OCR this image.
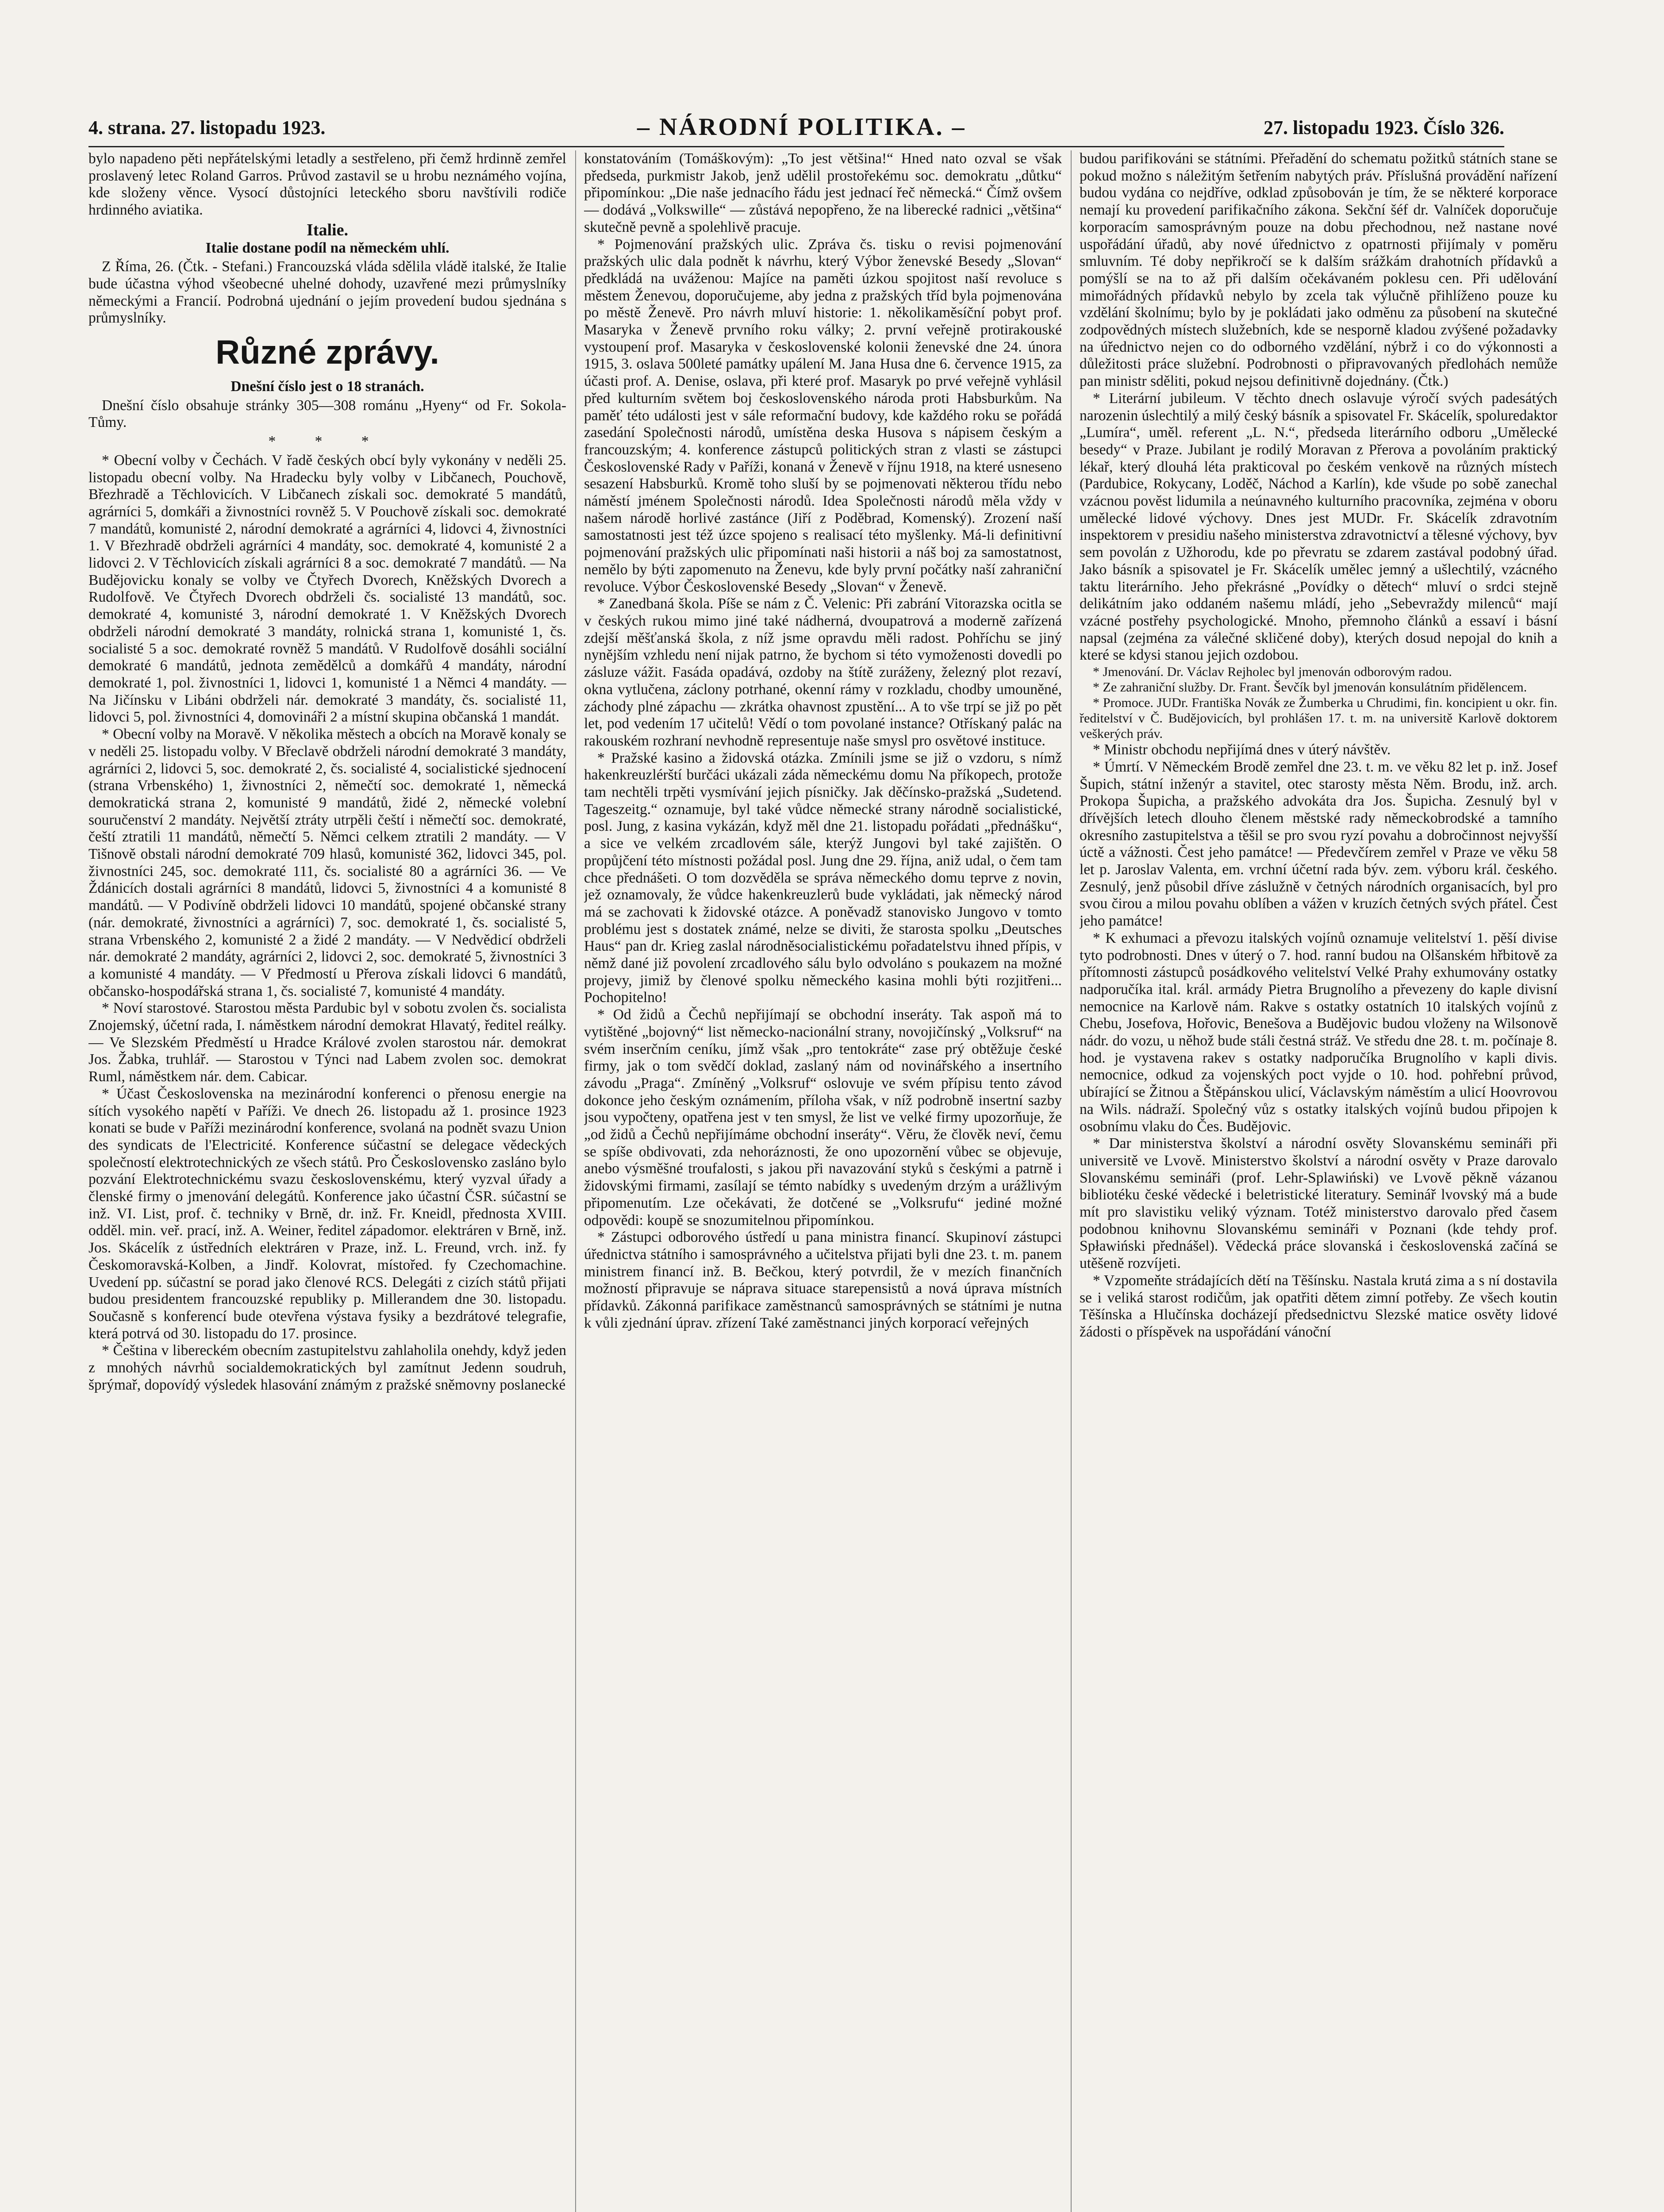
4. strana. 27. listopadu 1923.	– NÁRODNÍ POLITIKA. –	27. listopadu 1923. Číslo 326.

bylo napadeno pěti nepřátelskými letadly a sestřeleno, při čemž hrdinně zemřel proslavený letec Roland Garros. Průvod zastavil se u hrobu neznámého vojína, kde složeny věnce. Vysocí důstojníci leteckého sboru navštívili rodiče hrdinného aviatika.

Italie.

Italie dostane podíl na německém uhlí.

Z Říma, 26. (Čtk. - Stefani.) Francouzská vláda sdělila vládě italské, že Italie bude účastna výhod všeobecné uhelné dohody, uzavřené mezi průmyslníky německými a Francií. Podrobná ujednání o jejím provedení budou sjednána s průmyslníky.

Různé zprávy.

Dnešní číslo jest o 18 stranách.

Dnešní číslo obsahuje stránky 305—308 románu „Hyeny“ od Fr. Sokola-Tůmy.

* * *

* Obecní volby v Čechách. V řadě českých obcí byly vykonány v neděli 25. listopadu obecní volby. Na Hradecku byly volby v Libčanech, Pouchově, Březhradě a Těchlovicích. V Libčanech získali soc. demokraté 5 mandátů, agrárníci 5, domkáři a živnostníci rovněž 5. V Pouchově získali soc. demokraté 7 mandátů, komunisté 2, národní demokraté a agrárníci 4, lidovci 4, živnostníci 1. V Březhradě obdrželi agrárníci 4 mandáty, soc. demokraté 4, komunisté 2 a lidovci 2. V Těchlovicích získali agrárníci 8 a soc. demokraté 7 mandátů. — Na Budějovicku konaly se volby ve Čtyřech Dvorech, Kněžských Dvorech a Rudolfově. Ve Čtyřech Dvorech obdrželi čs. socialisté 13 mandátů, soc. demokraté 4, komunisté 3, národní demokraté 1. V Kněžských Dvorech obdrželi národní demokraté 3 mandáty, rolnická strana 1, komunisté 1, čs. socialisté 5 a soc. demokraté rovněž 5 mandátů. V Rudolfově dosáhli sociální demokraté 6 mandátů, jednota zemědělců a domkářů 4 mandáty, národní demokraté 1, pol. živnostníci 1, lidovci 1, komunisté 1 a Němci 4 mandáty. — Na Jičínsku v Libáni obdrželi nár. demokraté 3 mandáty, čs. socialisté 11, lidovci 5, pol. živnostníci 4, domovináři 2 a místní skupina občanská 1 mandát.

* Obecní volby na Moravě. V několika městech a obcích na Moravě konaly se v neděli 25. listopadu volby. V Břeclavě obdrželi národní demokraté 3 mandáty, agrárníci 2, lidovci 5, soc. demokraté 2, čs. socialisté 4, socialistické sjednocení (strana Vrbenského) 1, živnostníci 2, němečtí soc. demokraté 1, německá demokratická strana 2, komunisté 9 mandátů, židé 2, německé volební souručenství 2 mandáty. Největší ztráty utrpěli čeští i němečtí soc. demokraté, čeští ztratili 11 mandátů, němečtí 5. Němci celkem ztratili 2 mandáty. — V Tišnově obstali národní demokraté 709 hlasů, komunisté 362, lidovci 345, pol. živnostníci 245, soc. demokraté 111, čs. socialisté 80 a agrárníci 36. — Ve Ždánicích dostali agrárníci 8 mandátů, lidovci 5, živnostníci 4 a komunisté 8 mandátů. — V Podivíně obdrželi lidovci 10 mandátů, spojené občanské strany (nár. demokraté, živnostníci a agrárníci) 7, soc. demokraté 1, čs. socialisté 5, strana Vrbenského 2, komunisté 2 a židé 2 mandáty. — V Nedvědicí obdrželi nár. demokraté 2 mandáty, agrárníci 2, lidovci 2, soc. demokraté 5, živnostníci 3 a komunisté 4 mandáty. — V Předmostí u Přerova získali lidovci 6 mandátů, občansko-hospodářská strana 1, čs. socialisté 7, komunisté 4 mandáty.

* Noví starostové. Starostou města Pardubic byl v sobotu zvolen čs. socialista Znojemský, účetní rada, I. náměstkem národní demokrat Hlavatý, ředitel reálky. — Ve Slezském Předměstí u Hradce Králové zvolen starostou nár. demokrat Jos. Žabka, truhlář. — Starostou v Týnci nad Labem zvolen soc. demokrat Ruml, náměstkem nár. dem. Cabicar.

* Účast Československa na mezinárodní konferenci o přenosu energie na sítích vysokého napětí v Paříži. Ve dnech 26. listopadu až 1. prosince 1923 konati se bude v Paříži mezinárodní konference, svolaná na podnět svazu Union des syndicats de l'Electricité. Konference súčastní se delegace vědeckých společností elektrotechnických ze všech států. Pro Československo zasláno bylo pozvání Elektrotechnickému svazu československému, který vyzval úřady a členské firmy o jmenování delegátů. Konference jako účastní ČSR. súčastní se inž. VI. List, prof. č. techniky v Brně, dr. inž. Fr. Kneidl, přednosta XVIII. odděl. min. veř. prací, inž. A. Weiner, ředitel západomor. elektráren v Brně, inž. Jos. Skácelík z ústředních elektráren v Praze, inž. L. Freund, vrch. inž. fy Českomoravská-Kolben, a Jindř. Kolovrat, místořed. fy Czechomachine. Uvedení pp. súčastní se porad jako členové RCS. Delegáti z cizích států přijati budou presidentem francouzské republiky p. Millerandem dne 30. listopadu. Současně s konferencí bude otevřena výstava fysiky a bezdrátové telegrafie, která potrvá od 30. listopadu do 17. prosince.

* Čeština v libereckém obecním zastupitelstvu zahlaholila onehdy, když jeden z mnohých návrhů socialdemokratických byl zamítnut Jedenn soudruh, šprýmař, dopovídý výsledek hlasování známým z pražské sněmovny poslanecké

konstatováním (Tomáškovým): „To jest většina!“ Hned nato ozval se však předseda, purkmistr Jakob, jenž udělil prostořekému soc. demokratu „důtku“ připomínkou: „Die naše jednacího řádu jest jednací řeč německá.“ Čímž ovšem — dodává „Volkswille“ — zůstává nepopřeno, že na liberecké radnici „většina“ skutečně pevně a spolehlivě pracuje.

* Pojmenování pražských ulic. Zpráva čs. tisku o revisi pojmenování pražských ulic dala podnět k návrhu, který Výbor ženevské Besedy „Slovan“ předkládá na uváženou: Majíce na paměti úzkou spojitost naší revoluce s městem Ženevou, doporučujeme, aby jedna z pražských tříd byla pojmenována po městě Ženevě. Pro návrh mluví historie: 1. několikaměsíční pobyt prof. Masaryka v Ženevě prvního roku války; 2. první veřejně protirakouské vystoupení prof. Masaryka v československé kolonii ženevské dne 24. února 1915, 3. oslava 500leté památky upálení M. Jana Husa dne 6. července 1915, za účasti prof. A. Denise, oslava, při které prof. Masaryk po prvé veřejně vyhlásil před kulturním světem boj československého národa proti Habsburkům. Na paměť této události jest v sále reformační budovy, kde každého roku se pořádá zasedání Společnosti národů, umístěna deska Husova s nápisem českým a francouzským; 4. konference zástupců politických stran z vlasti se zástupci Československé Rady v Paříži, konaná v Ženevě v říjnu 1918, na které usneseno sesazení Habsburků. Kromě toho sluší by se pojmenovati některou třídu nebo náměstí jménem Společnosti národů. Idea Společnosti národů měla vždy v našem národě horlivé zastánce (Jiří z Poděbrad, Komenský). Zrození naší samostatnosti jest též úzce spojeno s realisací této myšlenky. Má-li definitivní pojmenování pražských ulic připomínati naši historii a náš boj za samostatnost, nemělo by býti zapomenuto na Ženevu, kde byly první počátky naší zahraniční revoluce. Výbor Československé Besedy „Slovan“ v Ženevě.

* Zanedbaná škola. Píše se nám z Č. Velenic: Při zabrání Vitorazska ocitla se v českých rukou mimo jiné také nádherná, dvoupatrová a moderně zařízená zdejší měšťanská škola, z níž jsme opravdu měli radost. Pohříchu se jiný nynějším vzhledu není nijak patrno, že bychom si této vymoženosti dovedli po zásluze vážit. Fasáda opadává, ozdoby na štítě zuráženy, železný plot rezaví, okna vytlučena, záclony potrhané, okenní rámy v rozkladu, chodby umouněné, záchody plné zápachu — zkrátka ohavnost zpustění... A to vše trpí se již po pět let, pod vedením 17 učitelů! Vědí o tom povolané instance? Otřískaný palác na rakouském rozhraní nevhodně representuje naše smysl pro osvětové instituce.

* Pražské kasino a židovská otázka. Zmínili jsme se již o vzdoru, s nímž hakenkreuzlérští burčáci ukázali záda německému domu Na příkopech, protože tam nechtěli trpěti vysmívání jejich písničky. Jak děčínsko-pražská „Sudetend. Tageszeitg.“ oznamuje, byl také vůdce německé strany národně socialistické, posl. Jung, z kasina vykázán, když měl dne 21. listopadu pořádati „přednášku“, a sice ve velkém zrcadlovém sále, kterýž Jungovi byl také zajištěn. O propůjčení této místnosti požádal posl. Jung dne 29. října, aniž udal, o čem tam chce přednášeti. O tom dozvěděla se správa německého domu teprve z novin, jež oznamovaly, že vůdce hakenkreuzlerů bude vykládati, jak německý národ má se zachovati k židovské otázce. A poněvadž stanovisko Jungovo v tomto problému jest s dostatek známé, nelze se diviti, že starosta spolku „Deutsches Haus“ pan dr. Krieg zaslal národněsocialistickému pořadatelstvu ihned přípis, v němž dané již povolení zrcadlového sálu bylo odvoláno s poukazem na možné projevy, jimiž by členové spolku německého kasina mohli býti rozjitřeni... Pochopitelno!

* Od židů a Čechů nepřijímají se obchodní inseráty. Tak aspoň má to vytištěné „bojovný“ list německo-nacionální strany, novojičínský „Volksruf“ na svém inserčním ceníku, jímž však „pro tentokráte“ zase prý obtěžuje české firmy, jak o tom svědčí doklad, zaslaný nám od novinářského a insertního závodu „Praga“. Zmíněný „Volksruf“ oslovuje ve svém přípisu tento závod dokonce jeho českým oznámením, příloha však, v níž podrobně insertní sazby jsou vypočteny, opatřena jest v ten smysl, že list ve velké firmy upozorňuje, že „od židů a Čechů nepřijímáme obchodní inseráty“. Věru, že člověk neví, čemu se spíše obdivovati, zda nehoráznosti, že ono upozornění vůbec se objevuje, anebo výsměšné troufalosti, s jakou při navazování styků s českými a patrně i židovskými firmami, zasílají se témto nabídky s uvedeným drzým a urážlivým připomenutím. Lze očekávati, že dotčené se „Volksrufu“ jediné možné odpovědi: koupě se snozumitelnou připomínkou.

* Zástupci odborového ústředí u pana ministra financí. Skupinoví zástupci úřednictva státního i samosprávného a učitelstva přijati byli dne 23. t. m. panem ministrem financí inž. B. Bečkou, který potvrdil, že v mezích finančních možností připravuje se náprava situace starepensistů a nová úprava místních přídavků. Zákonná parifikace zaměstnanců samosprávných se státními je nutna k vůli zjednání úprav. zřízení Také zaměstnanci jiných korporací veřejných

budou parifikováni se státními. Přeřadění do schematu požitků státních stane se pokud možno s náležitým šetřením nabytých práv. Příslušná provádění nařízení budou vydána co nejdříve, odklad způsobován je tím, že se některé korporace nemají ku provedení parifikačního zákona. Sekční šéf dr. Valníček doporučuje korporacím samosprávným pouze na dobu přechodnou, než nastane nové uspořádání úřadů, aby nové úřednictvo z opatrnosti přijímaly v poměru smluvním. Té doby nepřikročí se k dalším srážkám drahotních přídavků a pomýšlí se na to až při dalším očekávaném poklesu cen. Při udělování mimořádných přídavků nebylo by zcela tak výlučně přihlíženo pouze ku vzdělání školnímu; bylo by je pokládati jako odměnu za působení na skutečné zodpovědných místech služebních, kde se nesporně kladou zvýšené požadavky na úřednictvo nejen co do odborného vzdělání, nýbrž i co do výkonnosti a důležitosti práce služební. Podrobnosti o připravovaných předlohách nemůže pan ministr sděliti, pokud nejsou definitivně dojednány. (Čtk.)

* Literární jubileum. V těchto dnech oslavuje výročí svých padesátých narozenin úslechtilý a milý český básník a spisovatel Fr. Skácelík, spoluredaktor „Lumíra“, uměl. referent „L. N.“, předseda literárního odboru „Umělecké besedy“ v Praze. Jubilant je rodilý Moravan z Přerova a povoláním praktický lékař, který dlouhá léta prakticoval po českém venkově na různých místech (Pardubice, Rokycany, Loděč, Náchod a Karlín), kde všude po sobě zanechal vzácnou pověst lidumila a neúnavného kulturního pracovníka, zejména v oboru umělecké lidové výchovy. Dnes jest MUDr. Fr. Skácelík zdravotním inspektorem v presidiu našeho ministerstva zdravotnictví a tělesné výchovy, byv sem povolán z Užhorodu, kde po převratu se zdarem zastával podobný úřad. Jako básník a spisovatel je Fr. Skácelík umělec jemný a ušlechtilý, vzácného taktu literárního. Jeho překrásné „Povídky o dětech“ mluví o srdci stejně delikátním jako oddaném našemu mládí, jeho „Sebevraždy milenců“ mají vzácné postřehy psychologické. Mnoho, přemnoho článků a essaví i básní napsal (zejména za válečné skličené doby), kterých dosud nepojal do knih a které se kdysi stanou jejich ozdobou.

* Jmenování. Dr. Václav Rejholec byl jmenován odborovým radou.

* Ze zahraniční služby. Dr. Frant. Ševčík byl jmenován konsulátním přidělencem.

* Promoce. JUDr. Františka Novák ze Žumberka u Chrudimi, fin. koncipient u okr. fin. ředitelství v Č. Budějovicích, byl prohlášen 17. t. m. na universitě Karlově doktorem veškerých práv.

* Ministr obchodu nepřijímá dnes v úterý návštěv.

* Úmrtí. V Německém Brodě zemřel dne 23. t. m. ve věku 82 let p. inž. Josef Šupich, státní inženýr a stavitel, otec starosty města Něm. Brodu, inž. arch. Prokopa Šupicha, a pražského advokáta dra Jos. Šupicha. Zesnulý byl v dřívějších letech dlouho členem městské rady německobrodské a tamního okresního zastupitelstva a těšil se pro svou ryzí povahu a dobročinnost nejvyšší úctě a vážnosti. Čest jeho památce! — Předevčírem zemřel v Praze ve věku 58 let p. Jaroslav Valenta, em. vrchní účetní rada býv. zem. výboru král. českého. Zesnulý, jenž působil dříve záslužně v četných národních organisacích, byl pro svou čirou a milou povahu oblíben a vážen v kruzích četných svých přátel. Čest jeho památce!

* K exhumaci a převozu italských vojínů oznamuje velitelství 1. pěší divise tyto podrobnosti. Dnes v úterý o 7. hod. ranní budou na Olšanském hřbitově za přítomnosti zástupců posádkového velitelství Velké Prahy exhumovány ostatky nadporučíka ital. král. armády Pietra Brugnolího a převezeny do kaple divisní nemocnice na Karlově nám. Rakve s ostatky ostatních 10 italských vojínů z Chebu, Josefova, Hořovic, Benešova a Budějovic budou vloženy na Wilsonově nádr. do vozu, u něhož bude stáli čestná stráž. Ve středu dne 28. t. m. počínaje 8. hod. je vystavena rakev s ostatky nadporučíka Brugnolího v kapli divis. nemocnice, odkud za vojenských poct vyjde o 10. hod. pohřební průvod, ubírající se Žitnou a Štěpánskou ulicí, Václavským náměstím a ulicí Hoovrovou na Wils. nádraží. Společný vůz s ostatky italských vojínů budou připojen k osobnímu vlaku do Čes. Budějovic.

* Dar ministerstva školství a národní osvěty Slovanskému semináři při universitě ve Lvově. Ministerstvo školství a národní osvěty v Praze darovalo Slovanskému semináři (prof. Lehr-Splawiński) ve Lvově pěkně vázanou bibliotéku české vědecké i beletristické literatury. Seminář lvovský má a bude mít pro slavistiku veliký význam. Totéž ministerstvo darovalo před časem podobnou knihovnu Slovanskému semináři v Poznani (kde tehdy prof. Spławiński přednášel). Vědecká práce slovanská i československá začíná se utěšeně rozvíjeti.

* Vzpomeňte strádajících dětí na Těšínsku. Nastala krutá zima a s ní dostavila se i veliká starost rodičům, jak opatřiti dětem zimní potřeby. Ze všech koutin Těšínska a Hlučínska docházejí předsednictvu Slezské matice osvěty lidové žádosti o příspěvek na uspořádání vánoční
